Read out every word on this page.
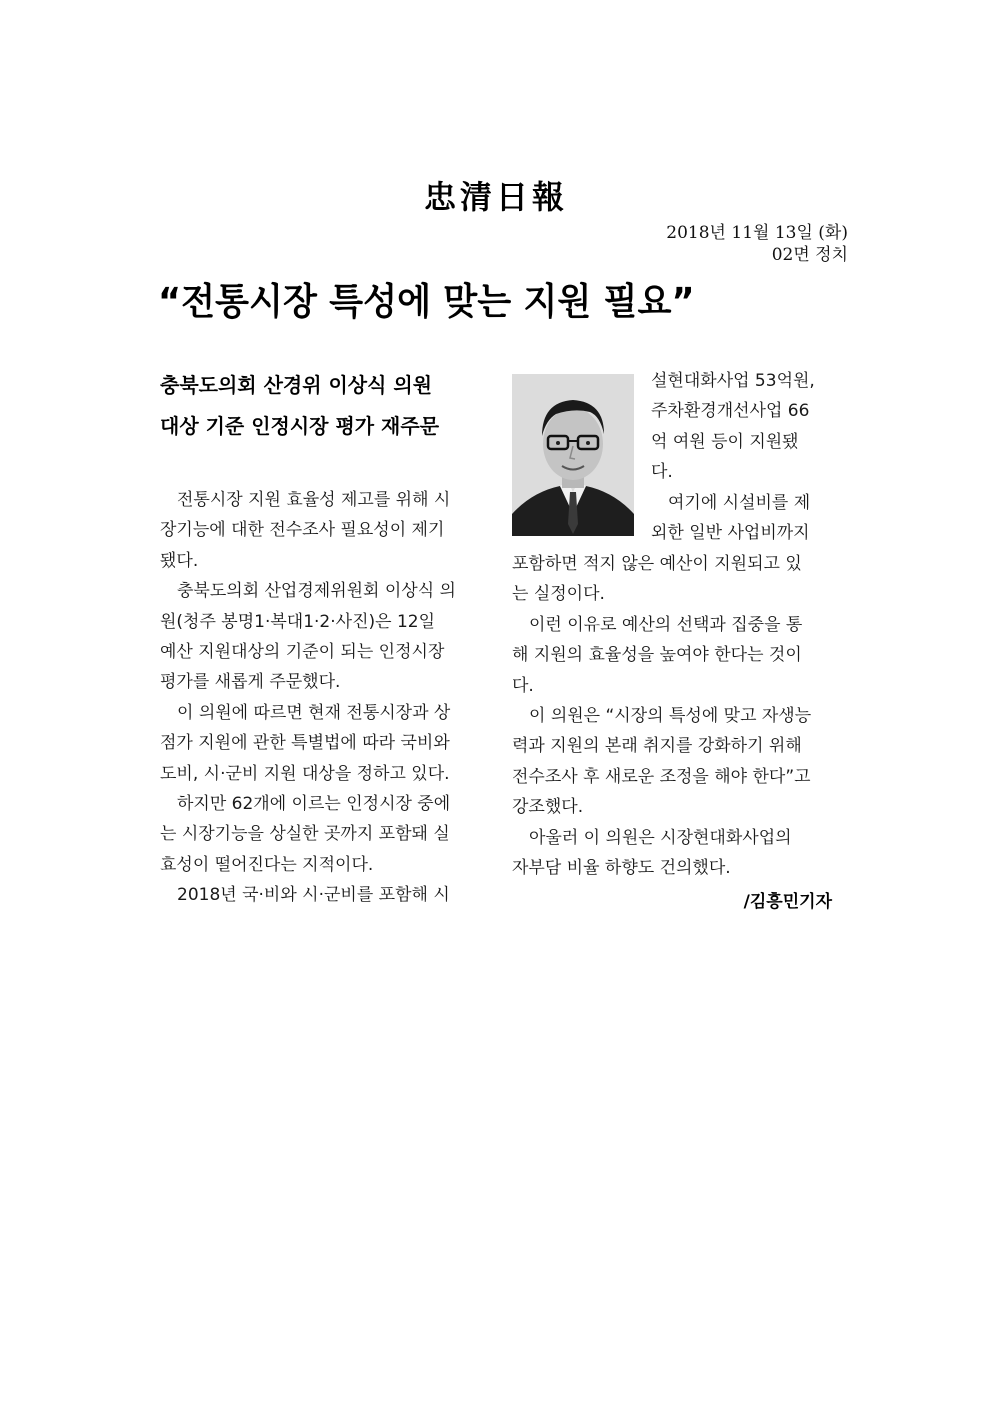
忠清日報
2018년 11월 13일 (화)
02면 정치
“전통시장 특성에 맞는 지원 필요”
충북도의회 산경위 이상식 의원
대상 기준 인정시장 평가 재주문
　전통시장 지원 효율성 제고를 위해 시
장기능에 대한 전수조사 필요성이 제기
됐다.
　충북도의회 산업경제위원회 이상식 의
원(청주 봉명1·복대1·2·사진)은 12일
예산 지원대상의 기준이 되는 인정시장
평가를 새롭게 주문했다.
　이 의원에 따르면 현재 전통시장과 상
점가 지원에 관한 특별법에 따라 국비와
도비, 시·군비 지원 대상을 정하고 있다.
　하지만 62개에 이르는 인정시장 중에
는 시장기능을 상실한 곳까지 포함돼 실
효성이 떨어진다는 지적이다.
　2018년 국·비와 시·군비를 포함해 시
설현대화사업 53억원,
주차환경개선사업 66
억 여원 등이 지원됐
다.
　여기에 시설비를 제
외한 일반 사업비까지
포함하면 적지 않은 예산이 지원되고 있
는 실정이다.
　이런 이유로 예산의 선택과 집중을 통
해 지원의 효율성을 높여야 한다는 것이
다.
　이 의원은 “시장의 특성에 맞고 자생능
력과 지원의 본래 취지를 강화하기 위해
전수조사 후 새로운 조정을 해야 한다”고
강조했다.
　아울러 이 의원은 시장현대화사업의
자부담 비율 하향도 건의했다.
/김흥민기자
